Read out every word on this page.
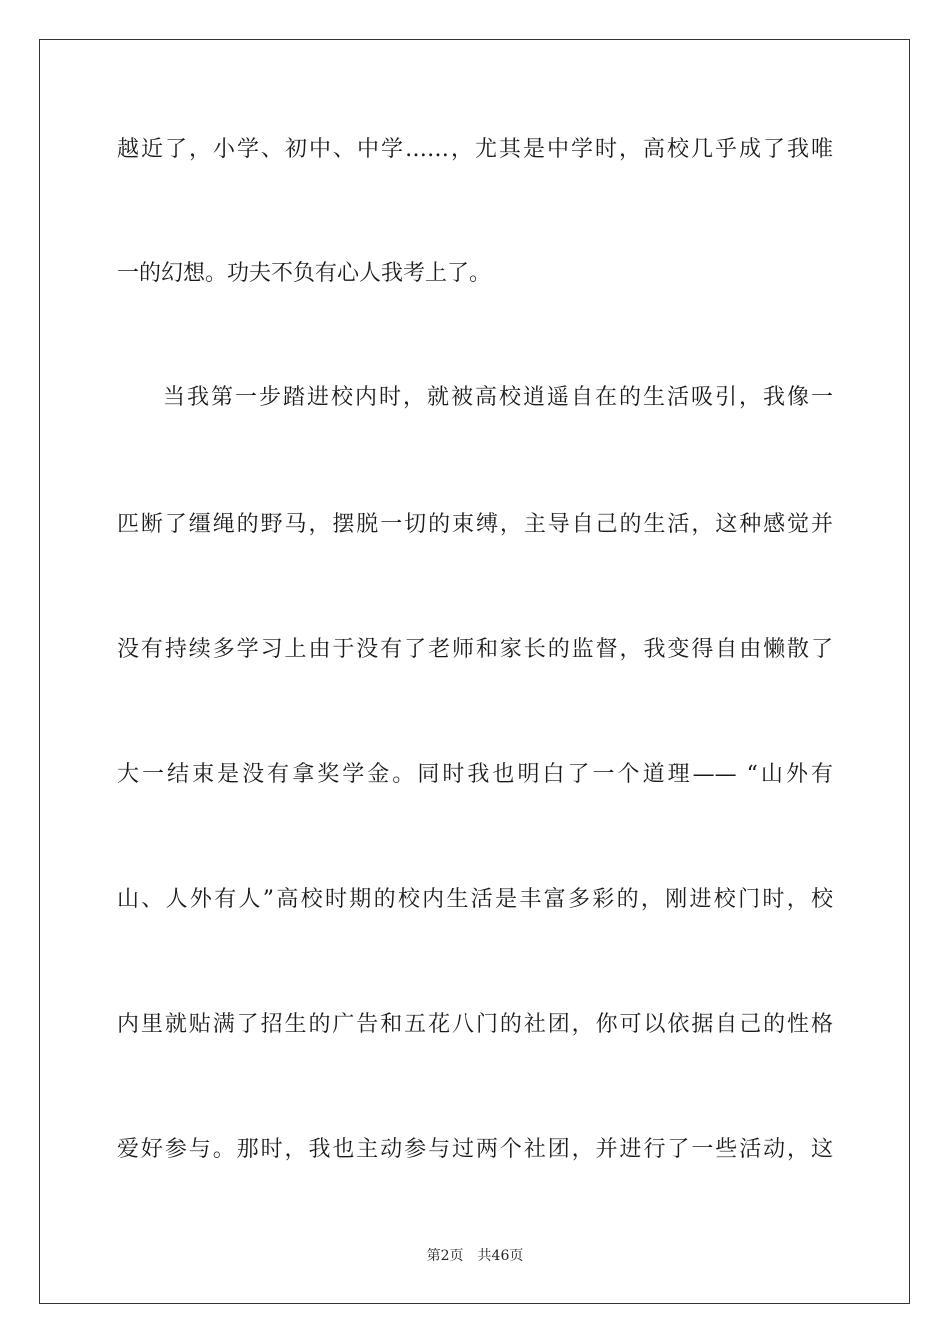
越近了，小学、初中、中学……，尤其是中学时，高校几乎成了我唯
一的幻想。功夫不负有心人我考上了。
当我第一步踏进校内时，就被高校逍遥自在的生活吸引，我像一
匹断了缰绳的野马，摆脱一切的束缚，主导自己的生活，这种感觉并
没有持续多学习上由于没有了老师和家长的监督，我变得自由懒散了
大一结束是没有拿奖学金。同时我也明白了一个道理—— “山外有
山、人外有人”高校时期的校内生活是丰富多彩的，刚进校门时，校
内里就贴满了招生的广告和五花八门的社团，你可以依据自己的性格
爱好参与。那时，我也主动参与过两个社团，并进行了一些活动，这
第2页 共46页
